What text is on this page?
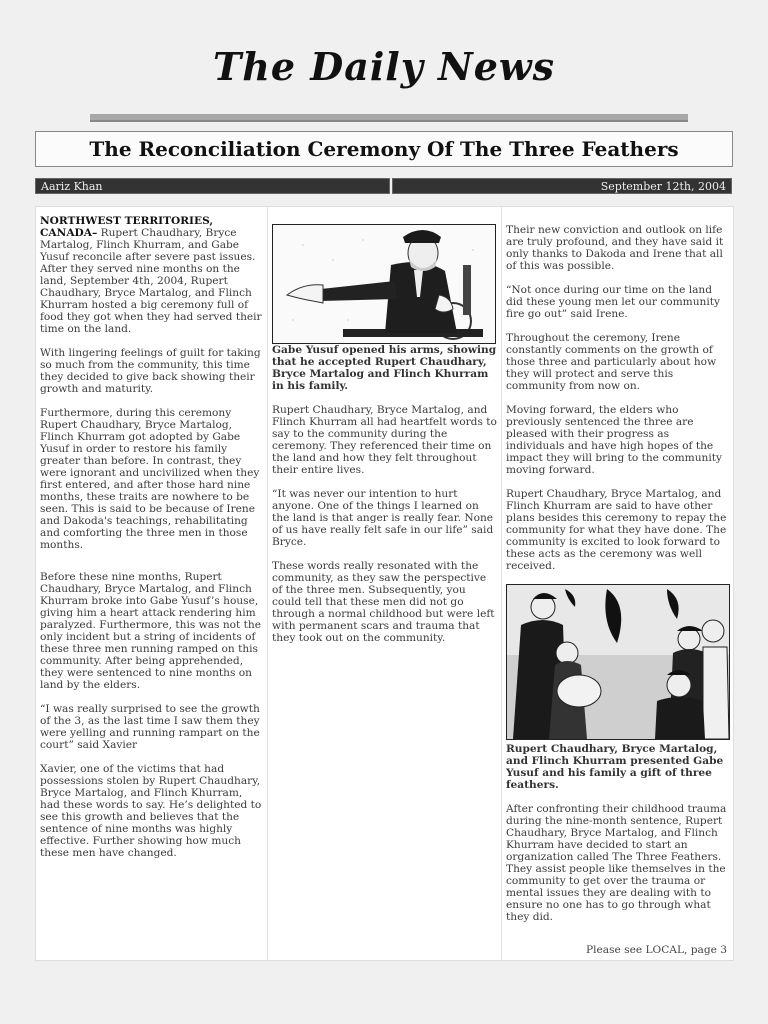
The Daily News
The Reconciliation Ceremony Of The Three Feathers
Aariz Khan	September 12th, 2004

NORTHWEST TERRITORIES, CANADA– Rupert Chaudhary, Bryce Martalog, Flinch Khurram, and Gabe Yusuf reconcile after severe past issues. After they served nine months on the land, September 4th, 2004, Rupert Chaudhary, Bryce Martalog, and Flinch Khurram hosted a big ceremony full of food they got when they had served their time on the land.

With lingering feelings of guilt for taking so much from the community, this time they decided to give back showing their growth and maturity.

Furthermore, during this ceremony Rupert Chaudhary, Bryce Martalog, Flinch Khurram got adopted by Gabe Yusuf in order to restore his family greater than before. In contrast, they were ignorant and uncivilized when they first entered, and after those hard nine months, these traits are nowhere to be seen. This is said to be because of Irene and Dakoda's teachings, rehabilitating and comforting the three men in those months.

Before these nine months, Rupert Chaudhary, Bryce Martalog, and Flinch Khurram broke into Gabe Yusuf’s house, giving him a heart attack rendering him paralyzed. Furthermore, this was not the only incident but a string of incidents of these three men running ramped on this community. After being apprehended, they were sentenced to nine months on land by the elders.

“I was really surprised to see the growth of the 3, as the last time I saw them they were yelling and running rampart on the court” said Xavier

Xavier, one of the victims that had possessions stolen by Rupert Chaudhary, Bryce Martalog, and Flinch Khurram, had these words to say. He’s delighted to see this growth and believes that the sentence of nine months was highly effective. Further showing how much these men have changed.

Gabe Yusuf opened his arms, showing that he accepted Rupert Chaudhary, Bryce Martalog and Flinch Khurram in his family.

Rupert Chaudhary, Bryce Martalog, and Flinch Khurram all had heartfelt words to say to the community during the ceremony. They referenced their time on the land and how they felt throughout their entire lives.

“It was never our intention to hurt anyone. One of the things I learned on the land is that anger is really fear. None of us have really felt safe in our life” said Bryce.

These words really resonated with the community, as they saw the perspective of the three men. Subsequently, you could tell that these men did not go through a normal childhood but were left with permanent scars and trauma that they took out on the community.

Their new conviction and outlook on life are truly profound, and they have said it only thanks to Dakoda and Irene that all of this was possible.

“Not once during our time on the land did these young men let our community fire go out” said Irene.

Throughout the ceremony, Irene constantly comments on the growth of those three and particularly about how they will protect and serve this community from now on.

Moving forward, the elders who previously sentenced the three are pleased with their progress as individuals and have high hopes of the impact they will bring to the community moving forward.

Rupert Chaudhary, Bryce Martalog, and Flinch Khurram are said to have other plans besides this ceremony to repay the community for what they have done. The community is excited to look forward to these acts as the ceremony was well received.

Rupert Chaudhary, Bryce Martalog, and Flinch Khurram presented Gabe Yusuf and his family a gift of three feathers.

After confronting their childhood trauma during the nine-month sentence, Rupert Chaudhary, Bryce Martalog, and Flinch Khurram have decided to start an organization called The Three Feathers. They assist people like themselves in the community to get over the trauma or mental issues they are dealing with to ensure no one has to go through what they did.

Please see LOCAL, page 3
